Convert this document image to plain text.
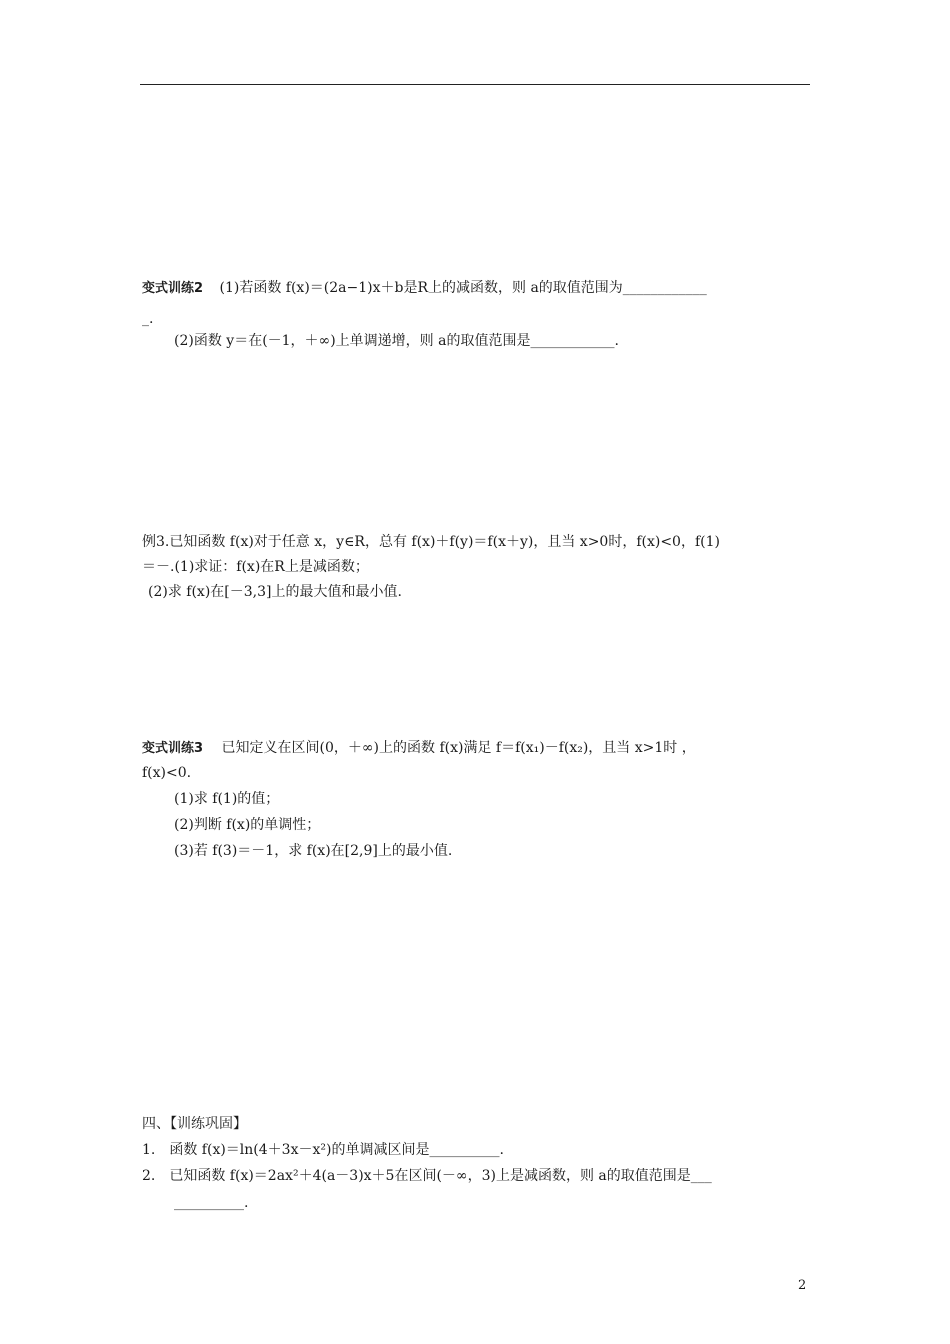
变式训练2 (1)若函数 f(x)＝(2a−1)x＋b是R上的减函数，则 a的取值范围为____________
_.
(2)函数 y＝在(－1，＋∞)上单调递增，则 a的取值范围是____________.
例3.已知函数 f(x)对于任意 x，y∈R，总有 f(x)＋f(y)＝f(x＋y)，且当 x>0时，f(x)<0，f(1)
＝－.(1)求证：f(x)在R上是减函数；
(2)求 f(x)在[－3,3]上的最大值和最小值.
变式训练3 已知定义在区间(0，＋∞)上的函数 f(x)满足 f＝f(x₁)－f(x₂)，且当 x>1时 ，
f(x)<0.
(1)求 f(1)的值；
(2)判断 f(x)的单调性；
(3)若 f(3)＝－1，求 f(x)在[2,9]上的最小值.
四、【训练巩固】
1.　函数 f(x)＝ln(4＋3x－x²)的单调减区间是__________.
2.　已知函数 f(x)＝2ax²＋4(a－3)x＋5在区间(－∞，3)上是减函数，则 a的取值范围是___
__________.
2
